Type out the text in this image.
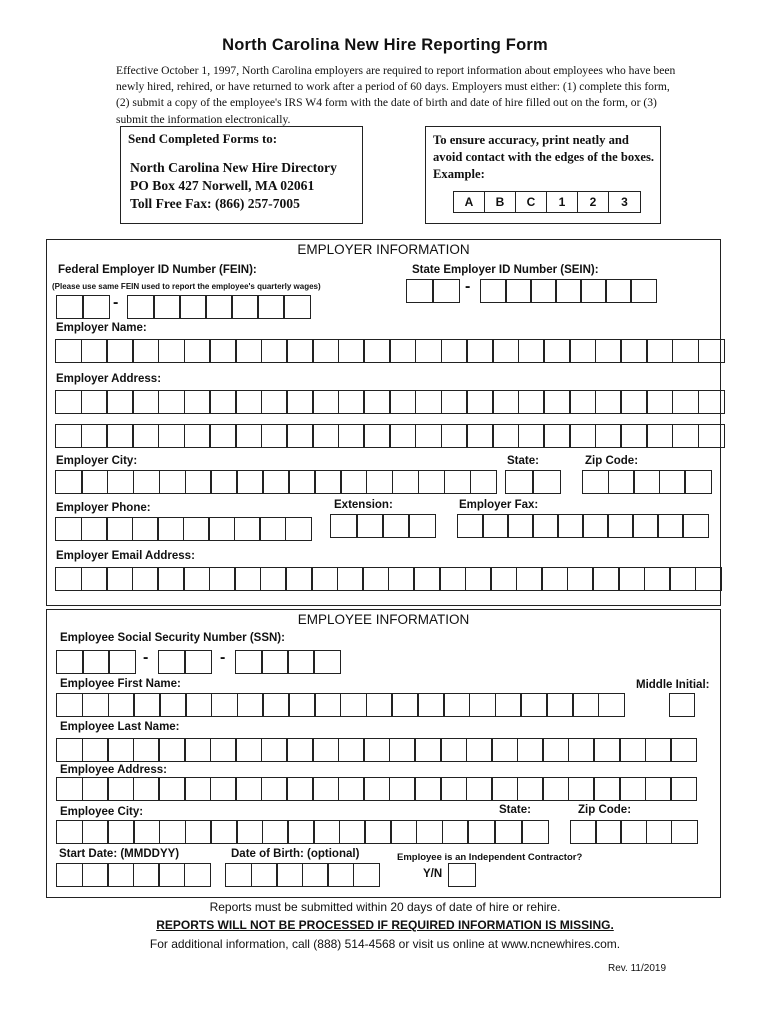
North Carolina New Hire Reporting Form
Effective October 1, 1997, North Carolina employers are required to report information about employees who have been newly hired, rehired, or have returned to work after a period of 60 days. Employers must either: (1) complete this form, (2) submit a copy of the employee's IRS W4 form with the date of birth and date of hire filled out on the form, or (3) submit the information electronically.
Send Completed Forms to:
North Carolina New Hire Directory
PO Box 427 Norwell, MA 02061
Toll Free Fax: (866) 257-7005
To ensure accuracy, print neatly and avoid contact with the edges of the boxes. Example:
A	B	C	1	2	3
EMPLOYER INFORMATION
Federal Employer ID Number (FEIN):
(Please use same FEIN used to report the employee's quarterly wages)
State Employer ID Number (SEIN):
-
-
Employer Name:
Employer Address:
Employer City:	State:	Zip Code:
Employer Phone:	Extension:	Employer Fax:
Employer Email Address:
EMPLOYEE INFORMATION
Employee Social Security Number (SSN):
-	-
Employee First Name:	Middle Initial:
Employee Last Name:
Employee Address:
Employee City:	State:	Zip Code:
Start Date: (MMDDYY)	Date of Birth: (optional)	Employee is an Independent Contractor?
Y/N
Reports must be submitted within 20 days of date of hire or rehire.
REPORTS WILL NOT BE PROCESSED IF REQUIRED INFORMATION IS MISSING.
For additional information, call (888) 514-4568 or visit us online at www.ncnewhires.com.
Rev. 11/2019
